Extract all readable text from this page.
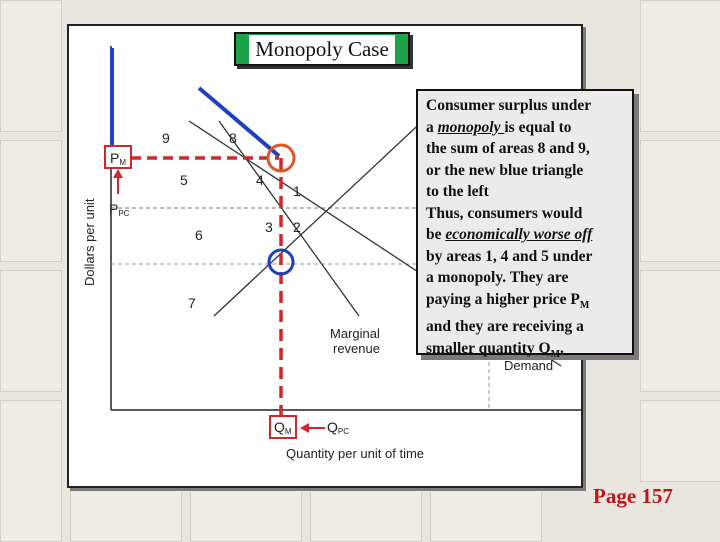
PM
PPC
QM	QPC
9	8
5	4
1
3 2
6
7
Marginal
revenue
Demand
Dollars per unit
Quantity per unit of time
Monopoly Case
Consumer surplus under
a monopoly is equal to
the sum of areas 8 and 9,
or the new blue triangle
to the left
Thus, consumers would
be economically worse off
by areas 1, 4 and 5 under
a monopoly. They are
paying a higher price $P_M$
and they are receiving a
smaller quantity $Q_M$.
Page 157
